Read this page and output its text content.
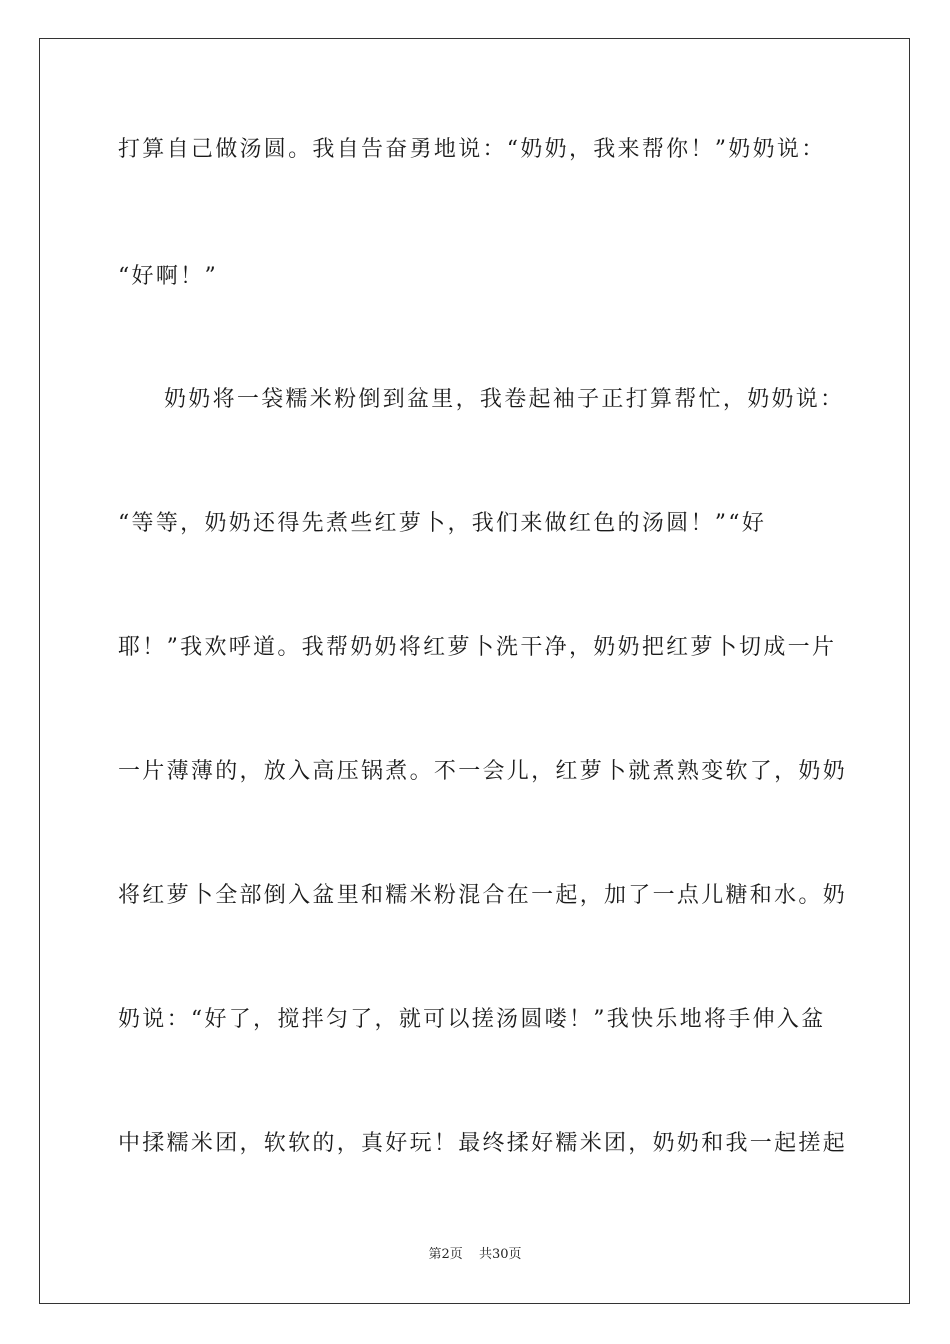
打算自己做汤圆。我自告奋勇地说：“奶奶，我来帮你！”奶奶说：
“好啊！”
奶奶将一袋糯米粉倒到盆里，我卷起袖子正打算帮忙，奶奶说：
“等等，奶奶还得先煮些红萝卜，我们来做红色的汤圆！”“好
耶！”我欢呼道。我帮奶奶将红萝卜洗干净，奶奶把红萝卜切成一片
一片薄薄的，放入高压锅煮。不一会儿，红萝卜就煮熟变软了，奶奶
将红萝卜全部倒入盆里和糯米粉混合在一起，加了一点儿糖和水。奶
奶说：“好了，搅拌匀了，就可以搓汤圆喽！”我快乐地将手伸入盆
中揉糯米团，软软的，真好玩！最终揉好糯米团，奶奶和我一起搓起
第2页 共30页
